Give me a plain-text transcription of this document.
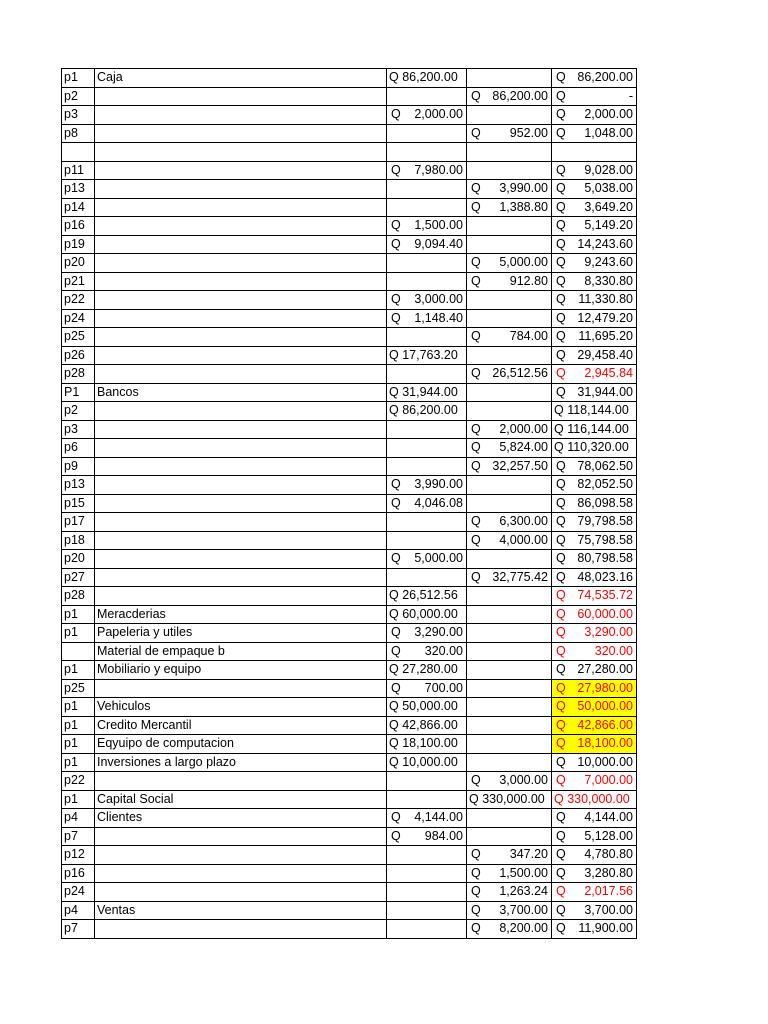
p1	Caja	Q 86,200.00		Q 86,200.00

p2			Q 86,200.00	Q -

p3		Q 2,000.00		Q 2,000.00

p8			Q 952.00	Q 1,048.00

p11		Q 7,980.00		Q 9,028.00

p13			Q 3,990.00	Q 5,038.00

p14			Q 1,388.80	Q 3,649.20

p16		Q 1,500.00		Q 5,149.20

p19		Q 9,094.40		Q 14,243.60

p20			Q 5,000.00	Q 9,243.60

p21			Q 912.80	Q 8,330.80

p22		Q 3,000.00		Q 11,330.80

p24		Q 1,148.40		Q 12,479.20

p25			Q 784.00	Q 11,695.20

p26		Q 17,763.20		Q 29,458.40

p28			Q 26,512.56	Q 2,945.84

P1	Bancos	Q 31,944.00		Q 31,944.00

p2		Q 86,200.00		Q 118,144.00
p3			Q 2,000.00	Q 116,144.00
p6			Q 5,824.00	Q 110,320.00
p9			Q 32,257.50	Q 78,062.50

p13		Q 3,990.00		Q 82,052.50

p15		Q 4,046.08		Q 86,098.58

p17			Q 6,300.00	Q 79,798.58

p18			Q 4,000.00	Q 75,798.58

p20		Q 5,000.00		Q 80,798.58

p27			Q 32,775.42	Q 48,023.16

p28		Q 26,512.56		Q 74,535.72

p1	Meracderias	Q 60,000.00		Q 60,000.00

p1	Papeleria y utiles	Q 3,290.00		Q 3,290.00

	Material de empaque b	Q 320.00		Q 320.00

p1	Mobiliario y equipo	Q 27,280.00		Q 27,280.00

p25		Q 700.00		Q 27,980.00

p1	Vehiculos	Q 50,000.00		Q 50,000.00

p1	Credito Mercantil	Q 42,866.00		Q 42,866.00

p1	Eqyuipo de computacion	Q 18,100.00		Q 18,100.00

p1	Inversiones a largo plazo	Q 10,000.00		Q 10,000.00

p22			Q 3,000.00	Q 7,000.00

p1	Capital Social		Q 330,000.00	Q 330,000.00
p4	Clientes	Q 4,144.00		Q 4,144.00

p7		Q 984.00		Q 5,128.00

p12			Q 347.20	Q 4,780.80

p16			Q 1,500.00	Q 3,280.80

p24			Q 1,263.24	Q 2,017.56

p4	Ventas		Q 3,700.00	Q 3,700.00

p7			Q 8,200.00	Q 11,900.00
